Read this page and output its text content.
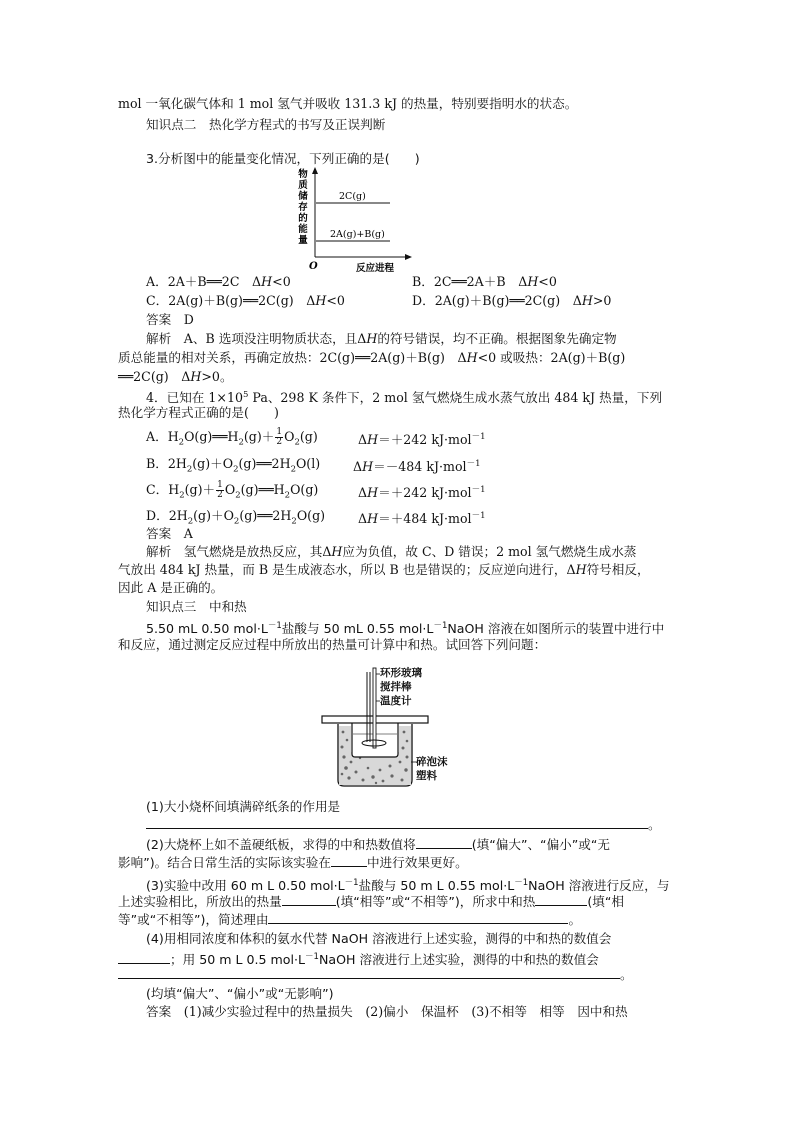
mol 一氧化碳气体和 1 mol 氢气并吸收 131.3 kJ 的热量，特别要指明水的状态。
知识点二　热化学方程式的书写及正误判断
3.分析图中的能量变化情况，下列正确的是(　　)
物
质
储
存
的
能
量
O	反应进程
2C(g)
2A(g)+B(g)
A．2A＋B══2C　ΔH<0	B．2C══2A＋B　ΔH<0
C．2A(g)＋B(g)══2C(g)　ΔH<0	D．2A(g)＋B(g)══2C(g)　ΔH>0
答案　D
解析　A、B 选项没注明物质状态，且ΔH的符号错误，均不正确。根据图象先确定物
质总能量的相对关系，再确定放热：2C(g)══2A(g)＋B(g)　ΔH<0 或吸热：2A(g)＋B(g)
══2C(g)　ΔH>0。
4．已知在 $1\times 10^5$ Pa、298 K 条件下，2 mol 氢气燃烧生成水蒸气放出 484 kJ 热量，下列
热化学方程式正确的是(　　)
A．$H_2O(g)══H_2(g)+ \frac{1}{2} O_2(g)$	ΔH＝＋242 kJ·mol$^{-1}$
B．$2H_2(g)+O_2(g)══2H_2O(l)$	ΔH＝－484 kJ·mol$^{-1}$
C．$H_2(g)+ \frac{1}{2}$ $O_2(g)══H_2O(g)$	ΔH＝＋242 kJ·mol$^{-1}$
D．$2H_2(g)+O_2(g)══2H_2O(g)$	ΔH＝＋484 kJ·mol$^{-1}$
答案　A
解析　氢气燃烧是放热反应，其ΔH应为负值，故 C、D 错误；2 mol 氢气燃烧生成水蒸
气放出 484 kJ 热量，而 B 是生成液态水，所以 B 也是错误的；反应逆向进行，ΔH符号相反，
因此 A 是正确的。
知识点三　中和热
5.50 mL 0.50 $mol\cdot L^{-1}$盐酸与 50 mL 0.55 $mol\cdot L^{-1}NaOH$ 溶液在如图所示的装置中进行中
和反应，通过测定反应过程中所放出的热量可计算中和热。试回答下列问题：
环形玻璃
搅拌棒
温度计
碎泡沫
塑料
(1)大小烧杯间填满碎纸条的作用是
。
(2)大烧杯上如不盖硬纸板，求得的中和热数值将	(填“偏大”、“偏小”或“无
影响”)。结合日常生活的实际该实验在	中进行效果更好。
(3)实验中改用 60 m L 0.50 $mol\cdot L^{-1}$盐酸与 50 m L 0.55 $mol\cdot L^{-1}NaOH$ 溶液进行反应，与
上述实验相比，所放出的热量	(填“相等”或“不相等”)，所求中和热	(填“相
等”或“不相等”)，简述理由	。
(4)用相同浓度和体积的氨水代替 NaOH 溶液进行上述实验，测得的中和热的数值会
；用 50 m L 0.5 $mol\cdot L^{-1}NaOH$ 溶液进行上述实验，测得的中和热的数值会
。
(均填“偏大”、“偏小”或“无影响”)
答案　(1)减少实验过程中的热量损失　(2)偏小　保温杯　(3)不相等　相等　因中和热
